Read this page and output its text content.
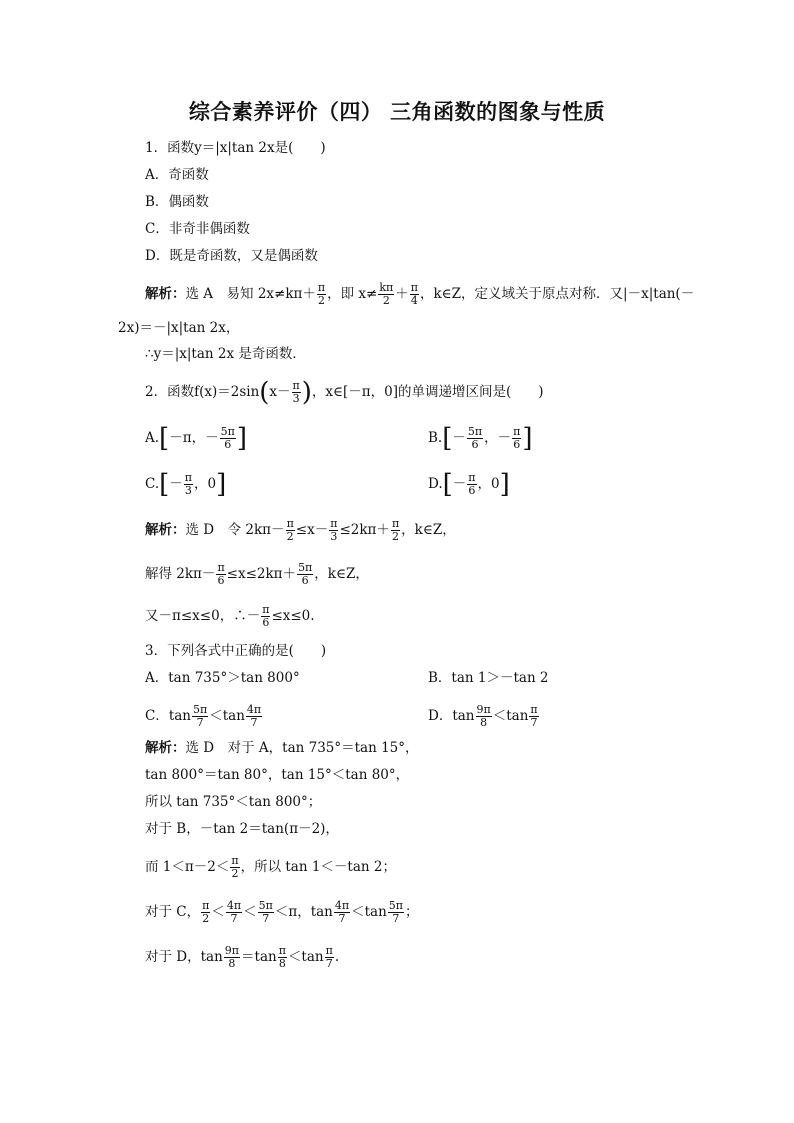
综合素养评价（四） 三角函数的图象与性质
1．函数y＝|x|tan 2x是(　　)
A．奇函数
B．偶函数
C．非奇非偶函数
D．既是奇函数，又是偶函数
解析：选 A　易知 $2x\ne k\pi+ \frac{\pi}{2}$ ，即 $x\ne \frac{k\pi}{2} + \frac{\pi}{4}$ ，k∈Z，定义域关于原点对称．又|－x|tan(－
2x)＝－|x|tan 2x，
∴y＝|x|tan 2x 是奇函数．
2．函数$f(x)=2\sin(x- \frac{\pi}{3}$ )，x∈[－π，0]的单调递增区间是(　　)
A.[－π，－ $\frac{5\pi}{6}$ ]	$B.[- \frac{5\pi}{6}$ ，－ $\frac{\pi}{6}$ ]
$C.[- \frac{\pi}{3}$ ，0]	$D.[- \frac{\pi}{6}$ ，0]
解析：选 D　令 $2k\pi- \frac{\pi}{2} \le x- \frac{\pi}{3} \le 2k\pi+ \frac{\pi}{2}$ ，k∈Z，
解得 $2k\pi- \frac{\pi}{6} \le x\le 2k\pi+ \frac{5\pi}{6}$ ，k∈Z，
又－π≤x≤0，∴－ $\frac{\pi}{6} \le x\le 0$.
3．下列各式中正确的是(　　)
A．tan 735°＞tan 800°	B．tan 1＞－tan 2
C．$\tan \frac{5\pi}{7} <\tan \frac{4\pi}{7}$	D．$\tan \frac{9\pi}{8} <\tan \frac{\pi}{7}$
解析：选 D　对于 A，tan 735°＝tan 15°，
tan 800°＝tan 80°，tan 15°＜tan 80°，
所以 tan 735°＜tan 800°；
对于 B，－tan 2＝tan(π－2)，
而 $1<\pi-2< \frac{\pi}{2}$ ，所以 tan 1＜－tan 2；
对于 C， $\frac{\pi}{2} < \frac{4\pi}{7} < \frac{5\pi}{7} <\pi$，$\tan \frac{4\pi}{7} <\tan \frac{5\pi}{7}$ ；
对于 D，$\tan \frac{9\pi}{8} =\tan \frac{\pi}{8} <\tan \frac{\pi}{7}$ .
